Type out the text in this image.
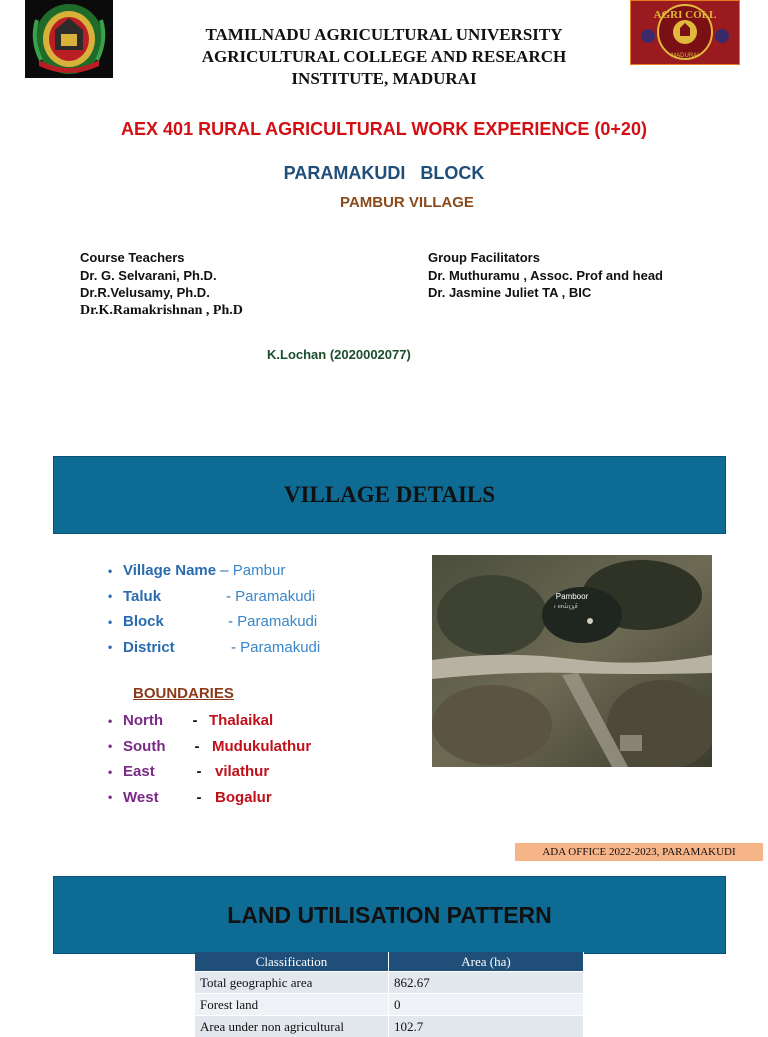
TAMILNADU AGRICULTURAL UNIVERSITY
AGRICULTURAL COLLEGE AND RESEARCH
INSTITUTE, MADURAI
AGRI COLL
MADURAI
AEX 401 RURAL AGRICULTURAL WORK EXPERIENCE (0+20)
PARAMAKUDI   BLOCK
PAMBUR VILLAGE
Course Teachers
Dr. G. Selvarani, Ph.D.
Dr.R.Velusamy, Ph.D.
Dr.K.Ramakrishnan , Ph.D
Group Facilitators
Dr. Muthuramu , Assoc. Prof and head
Dr. Jasmine Juliet TA , BIC
K.Lochan (2020002077)
VILLAGE DETAILS
• Village Name – Pambur
• Taluk	- Paramakudi
• Block	- Paramakudi
• District	- Paramakudi
BOUNDARIES
• North	- Thalaikal
• South	- Mudukulathur
• East	- vilathur
• West	- Bogalur
Pamboor
பாம்பூர்
ADA OFFICE 2022-2023, PARAMAKUDI
LAND UTILISATION PATTERN
Classification	Area (ha)
Total geographic area	862.67
Forest land	0
Area under non agricultural	102.7
